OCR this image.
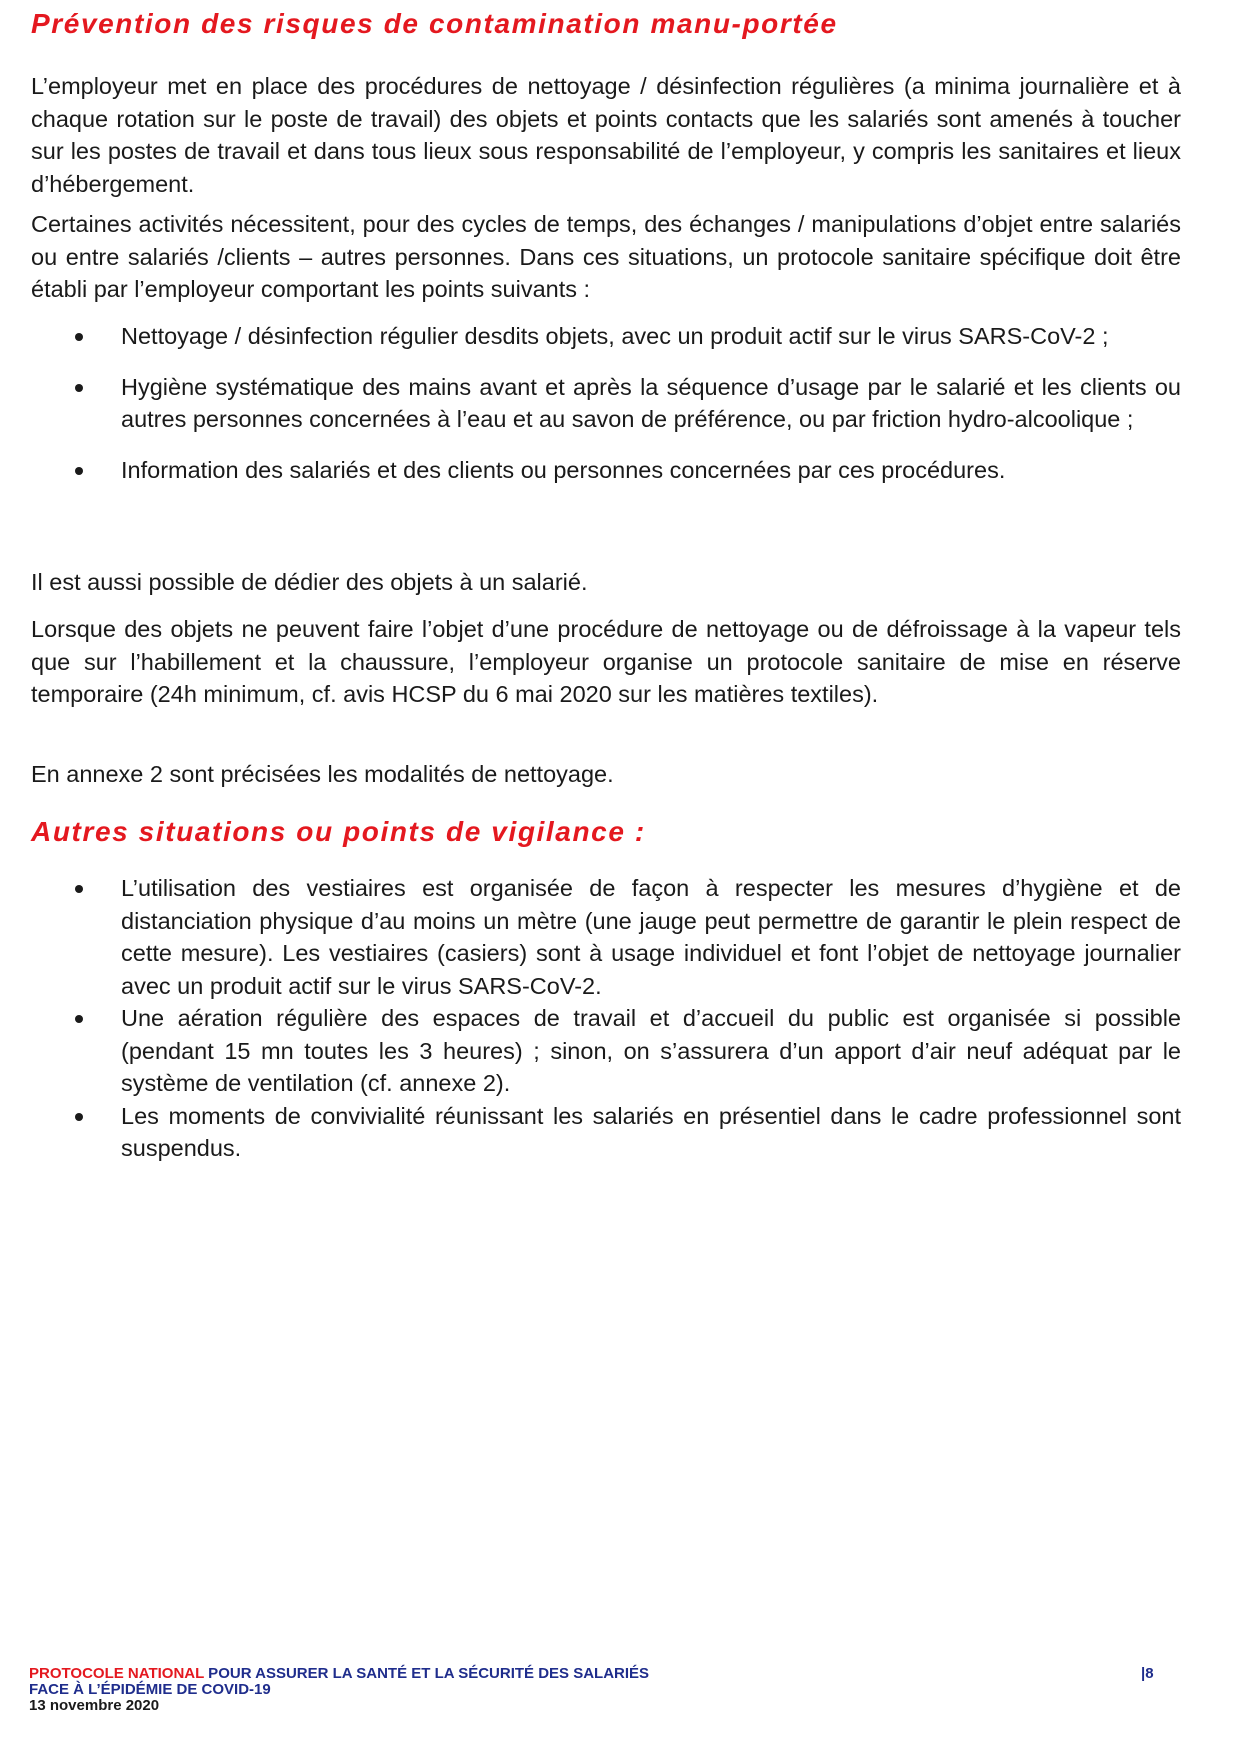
Prévention des risques de contamination manu-portée

L’employeur met en place des procédures de nettoyage / désinfection régulières (a minima journalière et à chaque rotation sur le poste de travail) des objets et points contacts que les salariés sont amenés à toucher sur les postes de travail et dans tous lieux sous responsabilité de l’employeur, y compris les sanitaires et lieux d’hébergement.

Certaines activités nécessitent, pour des cycles de temps, des échanges / manipulations d’objet entre salariés ou entre salariés /clients – autres personnes. Dans ces situations, un protocole sanitaire spécifique doit être établi par l’employeur comportant les points suivants :

Nettoyage / désinfection régulier desdits objets, avec un produit actif sur le virus SARS-CoV-2 ;
Hygiène systématique des mains avant et après la séquence d’usage par le salarié et les clients ou autres personnes concernées à l’eau et au savon de préférence, ou par friction hydro-alcoolique ;
Information des salariés et des clients ou personnes concernées par ces procédures.

Il est aussi possible de dédier des objets à un salarié.

Lorsque des objets ne peuvent faire l’objet d’une procédure de nettoyage ou de défroissage à la vapeur tels que sur l’habillement et la chaussure, l’employeur organise un protocole sanitaire de mise en réserve temporaire (24h minimum, cf. avis HCSP du 6 mai 2020 sur les matières textiles).

En annexe 2 sont précisées les modalités de nettoyage.

Autres situations ou points de vigilance :
L’utilisation des vestiaires est organisée de façon à respecter les mesures d’hygiène et de distanciation physique d’au moins un mètre (une jauge peut permettre de garantir le plein respect de cette mesure). Les vestiaires (casiers) sont à usage individuel et font l’objet de nettoyage journalier avec un produit actif sur le virus SARS-CoV-2.
Une aération régulière des espaces de travail et d’accueil du public est organisée si possible (pendant 15 mn toutes les 3 heures) ; sinon, on s’assurera d’un apport d’air neuf adéquat par le système de ventilation (cf. annexe 2).
Les moments de convivialité réunissant les salariés en présentiel dans le cadre professionnel sont suspendus.
PROTOCOLE NATIONAL POUR ASSURER LA SANTÉ ET LA SÉCURITÉ DES SALARIÉS
FACE À L’ÉPIDÉMIE DE COVID-19
13 novembre 2020
|8
